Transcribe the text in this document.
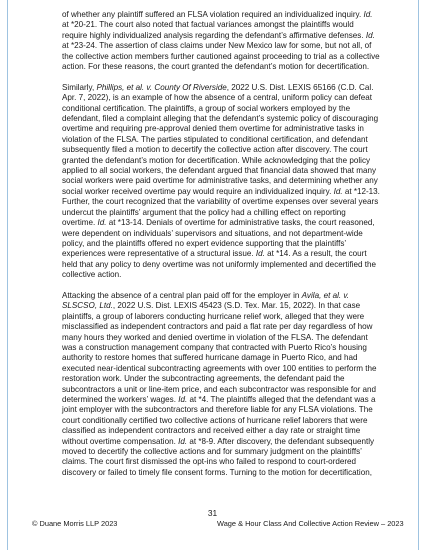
of whether any plaintiff suffered an FLSA violation required an individualized inquiry. Id. at *20-21. The court also noted that factual variances amongst the plaintiffs would require highly individualized analysis regarding the defendant’s affirmative defenses. Id. at *23-24. The assertion of class claims under New Mexico law for some, but not all, of the collective action members further cautioned against proceeding to trial as a collective action. For these reasons, the court granted the defendant’s motion for decertification.

Similarly, Phillips, et al. v. County Of Riverside, 2022 U.S. Dist. LEXIS 65166 (C.D. Cal. Apr. 7, 2022), is an example of how the absence of a central, uniform policy can defeat conditional certification. The plaintiffs, a group of social workers employed by the defendant, filed a complaint alleging that the defendant’s systemic policy of discouraging overtime and requiring pre-approval denied them overtime for administrative tasks in violation of the FLSA. The parties stipulated to conditional certification, and defendant subsequently filed a motion to decertify the collective action after discovery. The court granted the defendant’s motion for decertification. While acknowledging that the policy applied to all social workers, the defendant argued that financial data showed that many social workers were paid overtime for administrative tasks, and determining whether any social worker received overtime pay would require an individualized inquiry. Id. at *12-13. Further, the court recognized that the variability of overtime expenses over several years undercut the plaintiffs’ argument that the policy had a chilling effect on reporting overtime. Id. at *13-14. Denials of overtime for administrative tasks, the court reasoned, were dependent on individuals’ supervisors and situations, and not department-wide policy, and the plaintiffs offered no expert evidence supporting that the plaintiffs’ experiences were representative of a structural issue. Id. at *14. As a result, the court held that any policy to deny overtime was not uniformly implemented and decertified the collective action.

Attacking the absence of a central plan paid off for the employer in Avila, et al. v. SLSCSO, Ltd., 2022 U.S. Dist. LEXIS 45423 (S.D. Tex. Mar. 15, 2022). In that case plaintiffs, a group of laborers conducting hurricane relief work, alleged that they were misclassified as independent contractors and paid a flat rate per day regardless of how many hours they worked and denied overtime in violation of the FLSA. The defendant was a construction management company that contracted with Puerto Rico’s housing authority to restore homes that suffered hurricane damage in Puerto Rico, and had executed near-identical subcontracting agreements with over 100 entities to perform the restoration work. Under the subcontracting agreements, the defendant paid the subcontractors a unit or line-item price, and each subcontractor was responsible for and determined the workers’ wages. Id. at *4. The plaintiffs alleged that the defendant was a joint employer with the subcontractors and therefore liable for any FLSA violations. The court conditionally certified two collective actions of hurricane relief laborers that were classified as independent contractors and received either a day rate or straight time without overtime compensation. Id. at *8-9. After discovery, the defendant subsequently moved to decertify the collective actions and for summary judgment on the plaintiffs’ claims. The court first dismissed the opt-ins who failed to respond to court-ordered discovery or failed to timely file consent forms. Turning to the motion for decertification,

31
© Duane Morris LLP 2023	Wage & Hour Class And Collective Action Review – 2023
